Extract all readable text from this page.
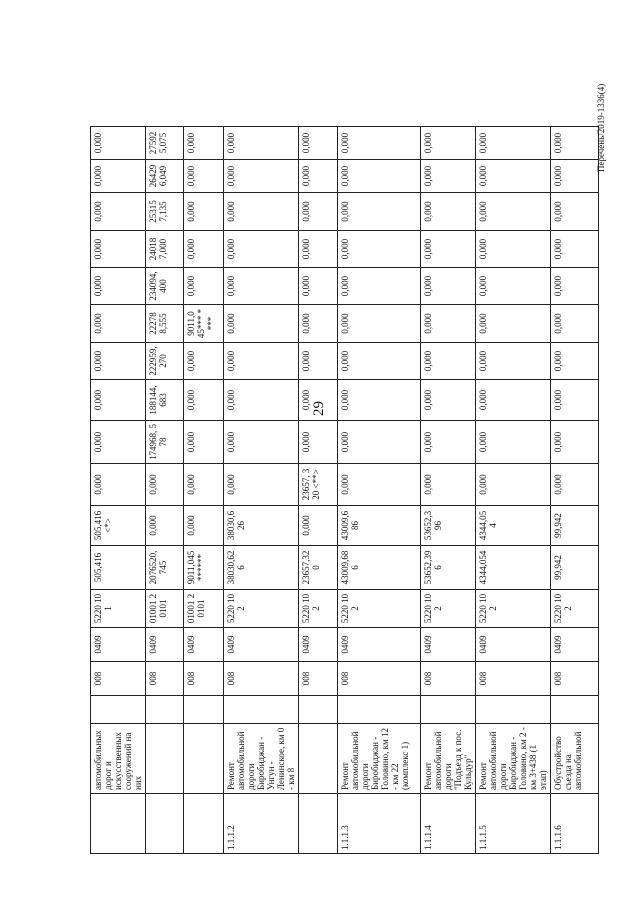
29
Перечень/2019-1336(4)
	автомобильных дорог и искусственных сооружений на них		008	0409	5220 101	505,416	505,416 <*>	0,000	0,000	0,000	0,000	0,000	0,000	0,000	0,000	0,000	0,000
			008	0409	01001 20101	2076520, 745	0,000	0,000	174968, 578	188144, 683	222959, 270	22278 8,555	234094, 400	24018 7,000	25315 7,135	26429 6,049	27592 5,075
			008	0409	01001 20101	9011,045 ******	0,000	0,000	0,000	0,000	0,000	9011,0 45*** ****	0,000	0,000	0,000	0,000	0,000
1.1.1.2	Ремонт автомобильной дороги Биробиджан - Унгун - Ленинское, км 0 - км 8		008	0409	5220 102	38030,62 6	38030,6 26	0,000	0,000	0,000	0,000	0,000	0,000	0,000	0,000	0,000	0,000
			008	0409	5220 102	23657,32 0	0,000	23657, 320 <**>	0,000	0,000	0,000	0,000	0,000	0,000	0,000	0,000	0,000
1.1.1.3	Ремонт автомобильной дороги Биробиджан - Головино, км 12 - км 22 (комплекс 1)		008	0409	5220 102	43009,68 6	43009,6 86	0,000	0,000	0,000	0,000	0,000	0,000	0,000	0,000	0,000	0,000
1.1.1.4	Ремонт автомобильной дороги "Подъезд к пос. Кульдур"		008	0409	5220 102	53652,39 6	53652,3 96	0,000	0,000	0,000	0,000	0,000	0,000	0,000	0,000	0,000	0,000
1.1.1.5	Ремонт автомобильной дороги Биробиджан - Головино, км 2 - км 3+438 (1 этап)		008	0409	5220 102	4344,054	4344,05 4	0,000	0,000	0,000	0,000	0,000	0,000	0,000	0,000	0,000	0,000
1.1.1.6	Обустройство съезда на автомобильной		008	0409	5220 102	99,942	99,942	0,000	0,000	0,000	0,000	0,000	0,000	0,000	0,000	0,000	0,000
